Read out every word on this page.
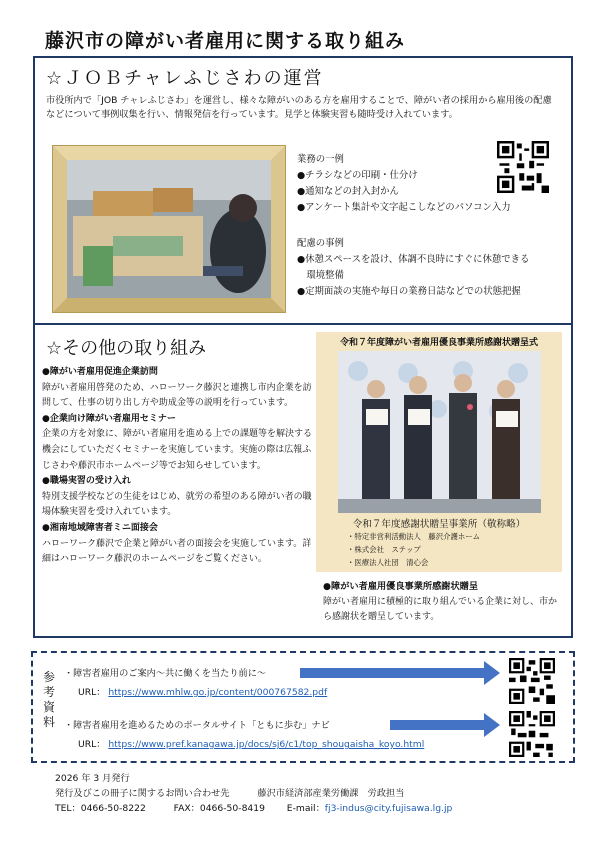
藤沢市の障がい者雇用に関する取り組み
☆ＪＯＢチャレふじさわの運営
市役所内で「JOB チャレふじさわ」を運営し、様々な障がいのある方を雇用することで、障がい者の採用から雇用後の配慮などについて事例収集を行い、情報発信を行っています。見学と体験実習も随時受け入れています。
業務の一例
●チラシなどの印刷・仕分け
●通知などの封入封かん
●アンケート集計や文字起こしなどのパソコン入力
配慮の事例
●休憩スペースを設け、体調不良時にすぐに休憩できる
　環境整備
●定期面談の実施や毎日の業務日誌などでの状態把握
☆その他の取り組み
●障がい者雇用促進企業訪問
障がい者雇用啓発のため、ハローワーク藤沢と連携し市内企業を訪問して、仕事の切り出し方や助成金等の説明を行っています。
●企業向け障がい者雇用セミナー
企業の方を対象に、障がい者雇用を進める上での課題等を解決する機会にしていただくセミナーを実施しています。実施の際は広報ふじさわや藤沢市ホームページ等でお知らせしています。
●職場実習の受け入れ
特別支援学校などの生徒をはじめ、就労の希望のある障がい者の職場体験実習を受け入れています。
●湘南地域障害者ミニ面接会
ハローワーク藤沢で企業と障がい者の面接会を実施しています。詳細はハローワーク藤沢のホームページをご覧ください。
令和７年度障がい者雇用優良事業所感謝状贈呈式
令和７年度感謝状贈呈事業所（敬称略）
・特定非営利活動法人　藤沢介護ホーム
・株式会社　ステップ
・医療法人社団　清心会
●障がい者雇用優良事業所感謝状贈呈
障がい者雇用に積極的に取り組んでいる企業に対し、市から感謝状を贈呈しています。
参考資料
・障害者雇用のご案内～共に働くを当たり前に～
URL： https://www.mhlw.go.jp/content/000767582.pdf
・障害者雇用を進めるためのポータルサイト「ともに歩む」ナビ
URL： https://www.pref.kanagawa.jp/docs/sj6/c1/top_shougaisha_koyo.html
2026 年 3 月発行
発行及びこの冊子に関するお問い合わせ先	藤沢市経済部産業労働課　労政担当
TEL：0466-50-8222	FAX：0466-50-8419 E-mail：fj3-indus@city.fujisawa.lg.jp
